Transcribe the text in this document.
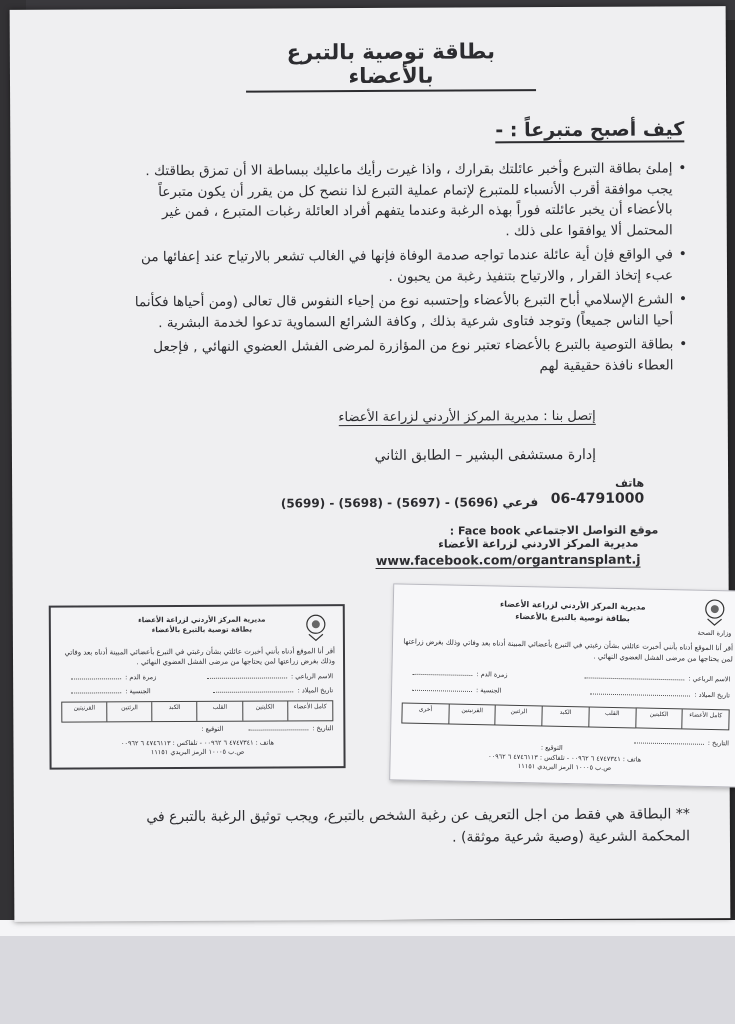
بطاقة توصية بالتبرع بالأعضاء
كيف أصبح متبرعاً : -
• إملئ بطاقة التبرع وأخبر عائلتك بقرارك ، واذا غيرت رأيك ماعليك ببساطة الا أن تمزق بطاقتك . يجب موافقة أقرب الأنسباء للمتبرع لإتمام عملية التبرع لذا ننصح كل من يقرر أن يكون متبرعاً بالأعضاء أن يخبر عائلته فوراً بهذه الرغبة وعندما يتفهم أفراد العائلة رغبات المتبرع ، فمن غير المحتمل ألا يوافقوا على ذلك .
• في الواقع فإن أية عائلة عندما تواجه صدمة الوفاة فإنها في الغالب تشعر بالارتياح عند إعفائها من عبء إتخاذ القرار , والارتياح بتنفيذ رغبة من يحبون .
• الشرع الإسلامي أباح التبرع بالأعضاء وإحتسبه نوع من إحياء النفوس قال تعالى (ومن أحياها فكأنما أحيا الناس جميعاً) وتوجد فتاوى شرعية بذلك , وكافة الشرائع السماوية تدعوا لخدمة البشرية .
• بطاقة التوصية بالتبرع بالأعضاء تعتبر نوع من المؤازرة لمرضى الفشل العضوي النهائي , فإجعل العطاء نافذة حقيقية لهم
إتصل بنا : مديرية المركز الأردني لزراعة الأعضاء
إدارة مستشفى البشير – الطابق الثاني
هاتف
06-4791000
فرعي (5696) - (5697) - (5698) - (5699)
موقع التواصل الاجتماعي Face book :
مديرية المركز الاردني لزراعة الأعضاء
www.facebook.com/organtransplant.j
مديرية المركز الأردني لزراعة الأعضاء
بطاقة توصية بالتبرع بالأعضاء
أقر أنا الموقع أدناه بأنني أخبرت عائلتي بشأن رغبتي في التبرع بأعضائي المبينة أدناه بعد وفاتي وذلك بغرض زراعتها لمن يحتاجها من مرضى الفشل العضوي النهائي .
الاسم الرباعي :
زمرة الدم :
تاريخ الميلاد :
الجنسية :
كامل الأعضاء
الكليتين
القلب
الكبد
الرئتين
القرنيتين
التاريخ :
التوقيع :
هاتف : ٤٧٤٧٣٤١ ٦ ٠٠٩٦٢ - تلفاكس : ٤٧٤٦١١٣ ٦ ٠٠٩٦٢
ص.ب ١٠٠٠٥ الرمز البريدي ١١١٥١
وزارة الصحة
مديرية المركز الأردني لزراعة الأعضاء
بطاقة توصية بالتبرع بالأعضاء
أقر أنا الموقع أدناه بأنني أخبرت عائلتي بشأن رغبتي في التبرع بأعضائي المبينة أدناه بعد وفاتي وذلك بغرض زراعتها لمن يحتاجها من مرضى الفشل العضوي النهائي .
الاسم الرباعي :
زمرة الدم :
تاريخ الميلاد :
الجنسية :
كامل الأعضاء
الكليتين
القلب
الكبد
الرئتين
القرنيتين
أخرى
التاريخ :
التوقيع :
هاتف : ٤٧٤٧٣٤١ ٦ ٠٠٩٦٢ - تلفاكس : ٤٧٤٦١١٣ ٦ ٠٠٩٦٢
ص.ب ١٠٠٠٥ الرمز البريدي ١١١٥١
** البطاقة هي فقط من اجل التعريف عن رغبة الشخص بالتبرع، ويجب توثيق الرغبة بالتبرع في المحكمة الشرعية (وصية شرعية موثقة) .
